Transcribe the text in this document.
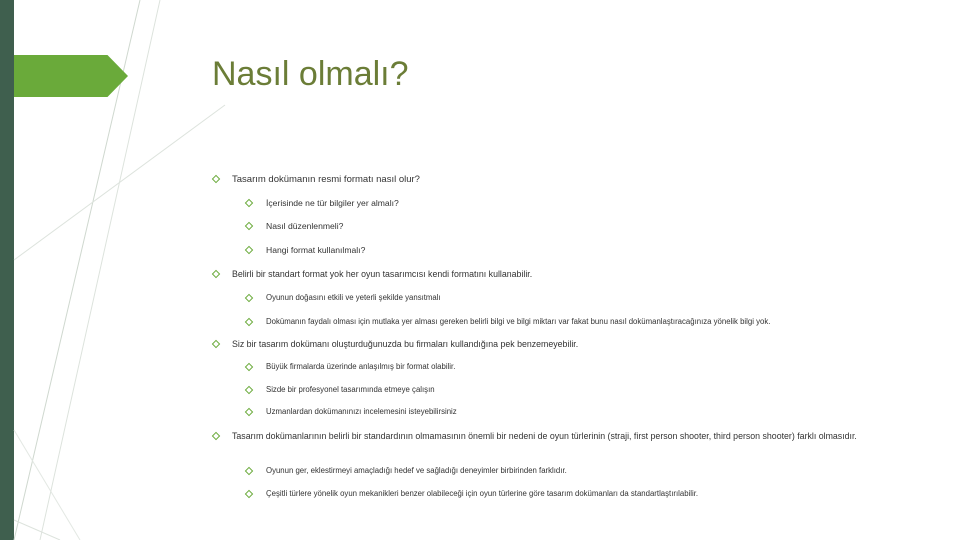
Nasıl olmalı?
Tasarım dokümanın resmi formatı nasıl olur?
İçerisinde ne tür bilgiler yer almalı?
Nasıl düzenlenmeli?
Hangi format kullanılmalı?
Belirli bir standart format yok her oyun tasarımcısı kendi formatını kullanabilir.
Oyunun doğasını etkili ve yeterli şekilde yansıtmalı
Dokümanın faydalı olması için mutlaka yer alması gereken belirli bilgi ve bilgi miktarı var fakat bunu nasıl dokümanlaştıracağınıza yönelik bilgi yok.
Siz bir tasarım dokümanı oluşturduğunuzda bu firmaları kullandığına pek benzemeyebilir.
Büyük firmalarda üzerinde anlaşılmış bir format olabilir.
Sizde bir profesyonel tasarımında etmeye çalışın
Uzmanlardan dokümanınızı incelemesini isteyebilirsiniz
Tasarım dokümanlarının belirli bir standardının olmamasının önemli bir nedeni de oyun türlerinin (straji, first person shooter, third person shooter) farklı olmasıdır.
Oyunun ger, eklestirmeyi amaçladığı hedef ve sağladığı deneyimler birbirinden farklıdır.
Çeşitli türlere yönelik oyun mekanikleri benzer olabileceği için oyun türlerine göre tasarım dokümanları da standartlaştırılabilir.
